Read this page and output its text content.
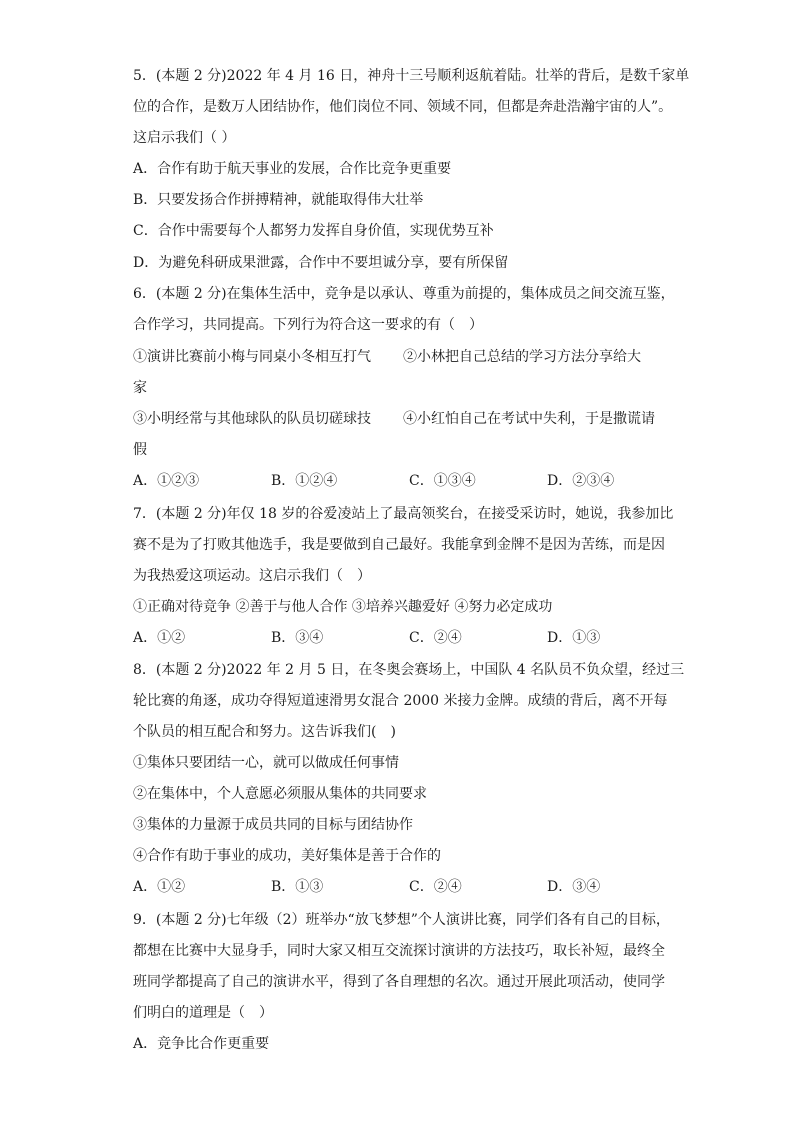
5．(本题 2 分)2022 年 4 月 16 日，神舟十三号顺利返航着陆。壮举的背后，是数千家单
位的合作，是数万人团结协作，他们岗位不同、领域不同，但都是奔赴浩瀚宇宙的人”。
这启示我们（ ）
A．合作有助于航天事业的发展，合作比竞争更重要
B．只要发扬合作拼搏精神，就能取得伟大壮举
C．合作中需要每个人都努力发挥自身价值，实现优势互补
D．为避免科研成果泄露，合作中不要坦诚分享，要有所保留
6．(本题 2 分)在集体生活中，竞争是以承认、尊重为前提的，集体成员之间交流互鉴，
合作学习，共同提高。下列行为符合这一要求的有（　）
①演讲比赛前小梅与同桌小冬相互打气 ②小林把自己总结的学习方法分享给大
家
③小明经常与其他球队的队员切磋球技 ④小红怕自己在考试中失利，于是撒谎请
假
A．①②③	B．①②④	C．①③④	D．②③④
7．(本题 2 分)年仅 18 岁的谷爱凌站上了最高领奖台，在接受采访时，她说，我参加比
赛不是为了打败其他选手，我是要做到自己最好。我能拿到金牌不是因为苦练，而是因
为我热爱这项运动。这启示我们（　）
①正确对待竞争 ②善于与他人合作 ③培养兴趣爱好 ④努力必定成功
A．①②	B．③④	C．②④	D．①③
8．(本题 2 分)2022 年 2 月 5 日，在冬奥会赛场上，中国队 4 名队员不负众望，经过三
轮比赛的角逐，成功夺得短道速滑男女混合 2000 米接力金牌。成绩的背后，离不开每
个队员的相互配合和努力。这告诉我们(　)
①集体只要团结一心，就可以做成任何事情
②在集体中，个人意愿必须服从集体的共同要求
③集体的力量源于成员共同的目标与团结协作
④合作有助于事业的成功，美好集体是善于合作的
A．①②	B．①③	C．②④	D．③④
9．(本题 2 分)七年级（2）班举办“放飞梦想”个人演讲比赛，同学们各有自己的目标，
都想在比赛中大显身手，同时大家又相互交流探讨演讲的方法技巧，取长补短，最终全
班同学都提高了自己的演讲水平，得到了各自理想的名次。通过开展此项活动，使同学
们明白的道理是（　）
A．竞争比合作更重要
